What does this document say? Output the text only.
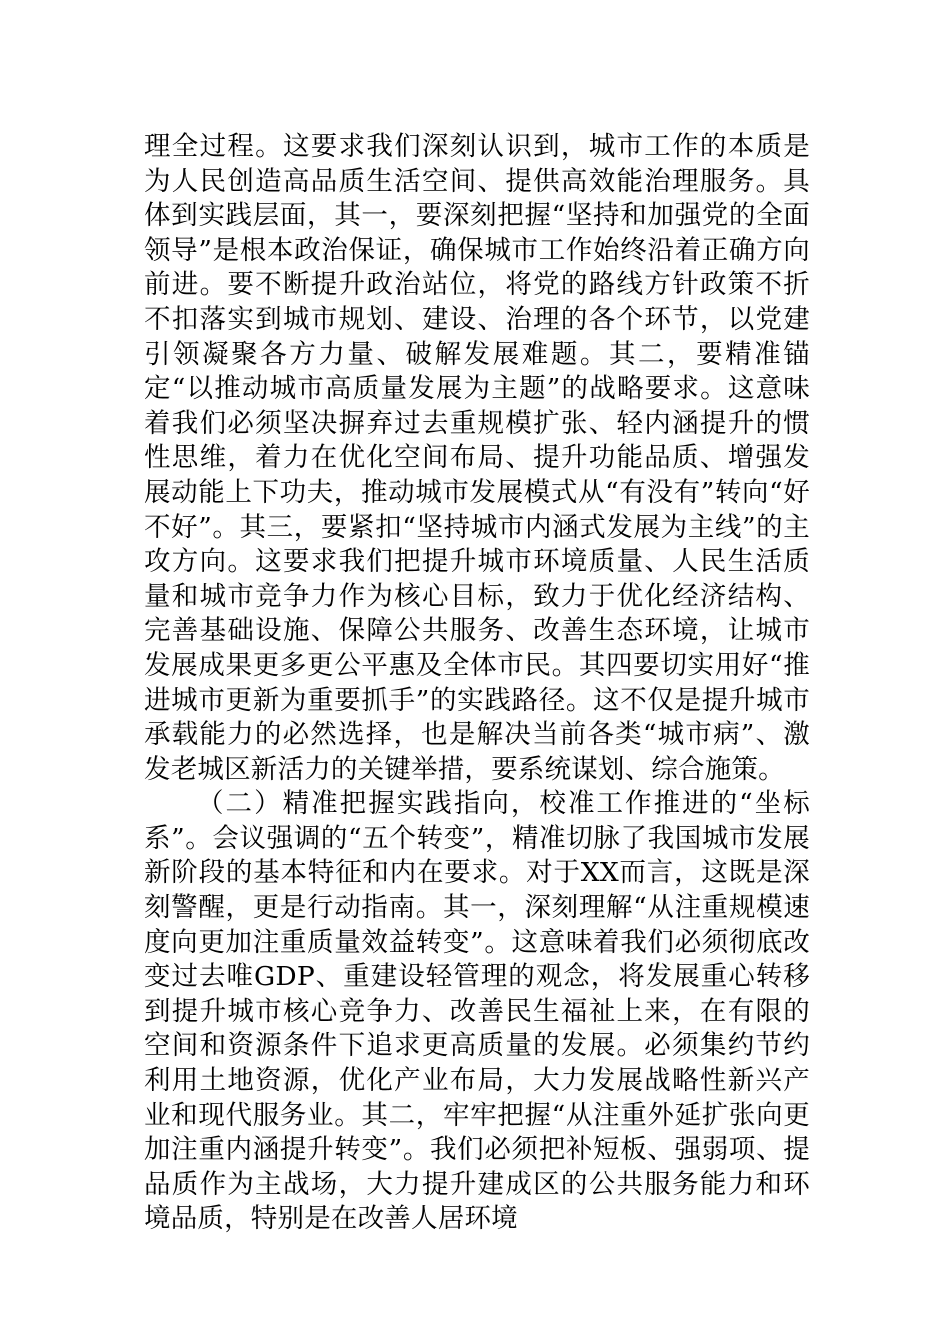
理全过程。这要求我们深刻认识到，城市工作的本质是为人民创造高品质生活空间、提供高效能治理服务。具体到实践层面，其一，要深刻把握“坚持和加强党的全面领导”是根本政治保证，确保城市工作始终沿着正确方向前进。要不断提升政治站位，将党的路线方针政策不折不扣落实到城市规划、建设、治理的各个环节，以党建引领凝聚各方力量、破解发展难题。其二，要精准锚定“以推动城市高质量发展为主题”的战略要求。这意味着我们必须坚决摒弃过去重规模扩张、轻内涵提升的惯性思维，着力在优化空间布局、提升功能品质、增强发展动能上下功夫，推动城市发展模式从“有没有”转向“好不好”。其三，要紧扣“坚持城市内涵式发展为主线”的主攻方向。这要求我们把提升城市环境质量、人民生活质量和城市竞争力作为核心目标，致力于优化经济结构、完善基础设施、保障公共服务、改善生态环境，让城市发展成果更多更公平惠及全体市民。其四要切实用好“推进城市更新为重要抓手”的实践路径。这不仅是提升城市承载能力的必然选择，也是解决当前各类“城市病”、激发老城区新活力的关键举措，要系统谋划、综合施策。

（二）精准把握实践指向，校准工作推进的“坐标系”。会议强调的“五个转变”，精准切脉了我国城市发展新阶段的基本特征和内在要求。对于XX而言，这既是深刻警醒，更是行动指南。其一，深刻理解“从注重规模速度向更加注重质量效益转变”。这意味着我们必须彻底改变过去唯GDP、重建设轻管理的观念，将发展重心转移到提升城市核心竞争力、改善民生福祉上来，在有限的空间和资源条件下追求更高质量的发展。必须集约节约利用土地资源，优化产业布局，大力发展战略性新兴产业和现代服务业。其二，牢牢把握“从注重外延扩张向更加注重内涵提升转变”。我们必须把补短板、强弱项、提品质作为主战场，大力提升建成区的公共服务能力和环境品质，特别是在改善人居环境
